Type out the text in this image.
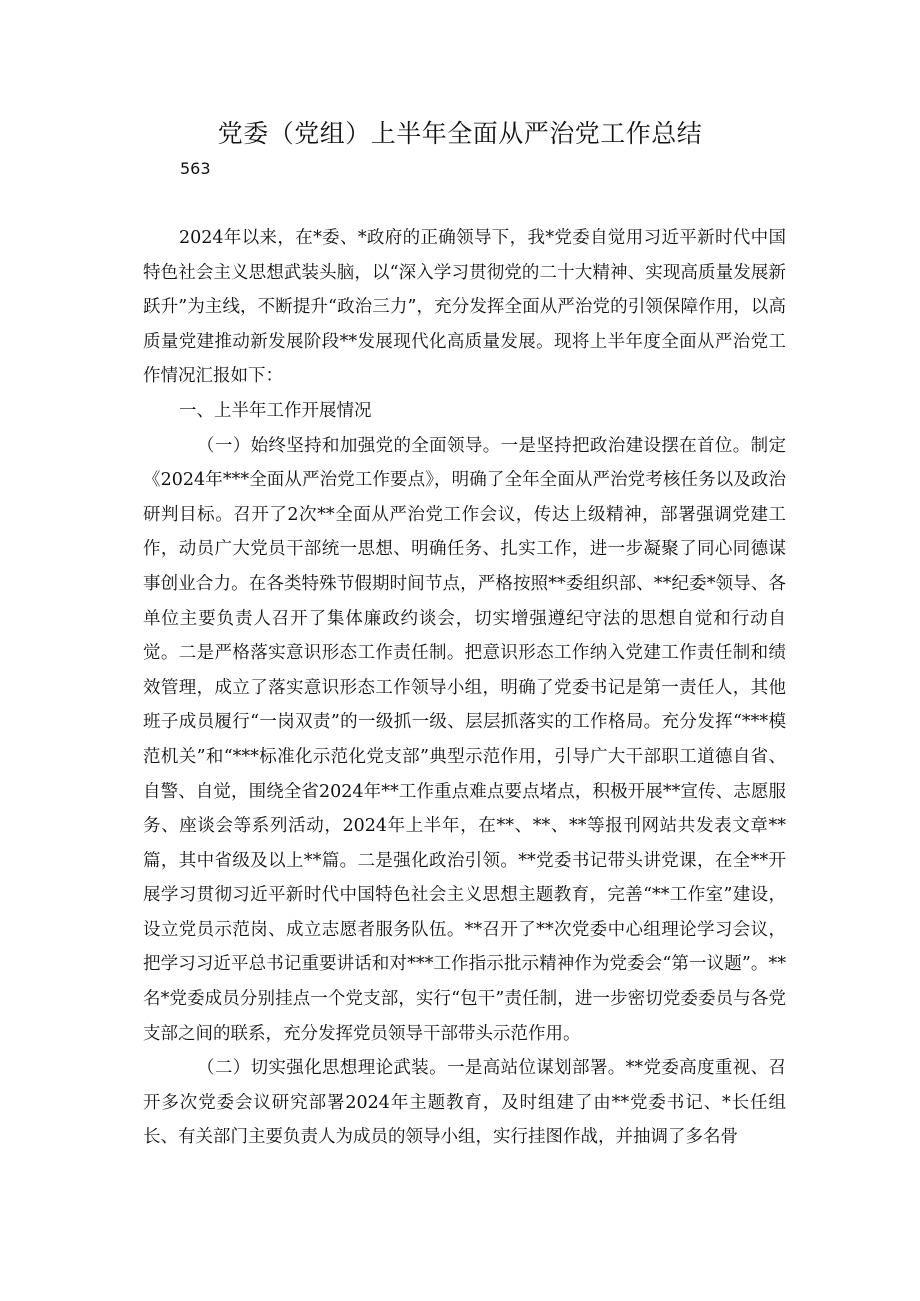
党委（党组）上半年全面从严治党工作总结
563

2024年以来，在*委、*政府的正确领导下，我*党委自觉用习近平新时代中国特色社会主义思想武装头脑，以“深入学习贯彻党的二十大精神、实现高质量发展新跃升”为主线，不断提升“政治三力”，充分发挥全面从严治党的引领保障作用，以高质量党建推动新发展阶段**发展现代化高质量发展。现将上半年度全面从严治党工作情况汇报如下：

一、上半年工作开展情况

（一）始终坚持和加强党的全面领导。一是坚持把政治建设摆在首位。制定《2024年***全面从严治党工作要点》，明确了全年全面从严治党考核任务以及政治研判目标。召开了2次**全面从严治党工作会议，传达上级精神，部署强调党建工作，动员广大党员干部统一思想、明确任务、扎实工作，进一步凝聚了同心同德谋事创业合力。在各类特殊节假期时间节点，严格按照**委组织部、**纪委*领导、各单位主要负责人召开了集体廉政约谈会，切实增强遵纪守法的思想自觉和行动自觉。二是严格落实意识形态工作责任制。把意识形态工作纳入党建工作责任制和绩效管理，成立了落实意识形态工作领导小组，明确了党委书记是第一责任人，其他班子成员履行“一岗双责”的一级抓一级、层层抓落实的工作格局。充分发挥“***模范机关”和“***标准化示范化党支部”典型示范作用，引导广大干部职工道德自省、自警、自觉，围绕全省2024年**工作重点难点要点堵点，积极开展**宣传、志愿服务、座谈会等系列活动，2024年上半年，在**、**、**等报刊网站共发表文章**篇，其中省级及以上**篇。二是强化政治引领。**党委书记带头讲党课，在全**开展学习贯彻习近平新时代中国特色社会主义思想主题教育，完善“**工作室”建设，设立党员示范岗、成立志愿者服务队伍。**召开了**次党委中心组理论学习会议，把学习习近平总书记重要讲话和对***工作指示批示精神作为党委会“第一议题”。**名*党委成员分别挂点一个党支部，实行“包干”责任制，进一步密切党委委员与各党支部之间的联系，充分发挥党员领导干部带头示范作用。

（二）切实强化思想理论武装。一是高站位谋划部署。**党委高度重视、召开多次党委会议研究部署2024年主题教育，及时组建了由**党委书记、*长任组长、有关部门主要负责人为成员的领导小组，实行挂图作战，并抽调了多名骨
